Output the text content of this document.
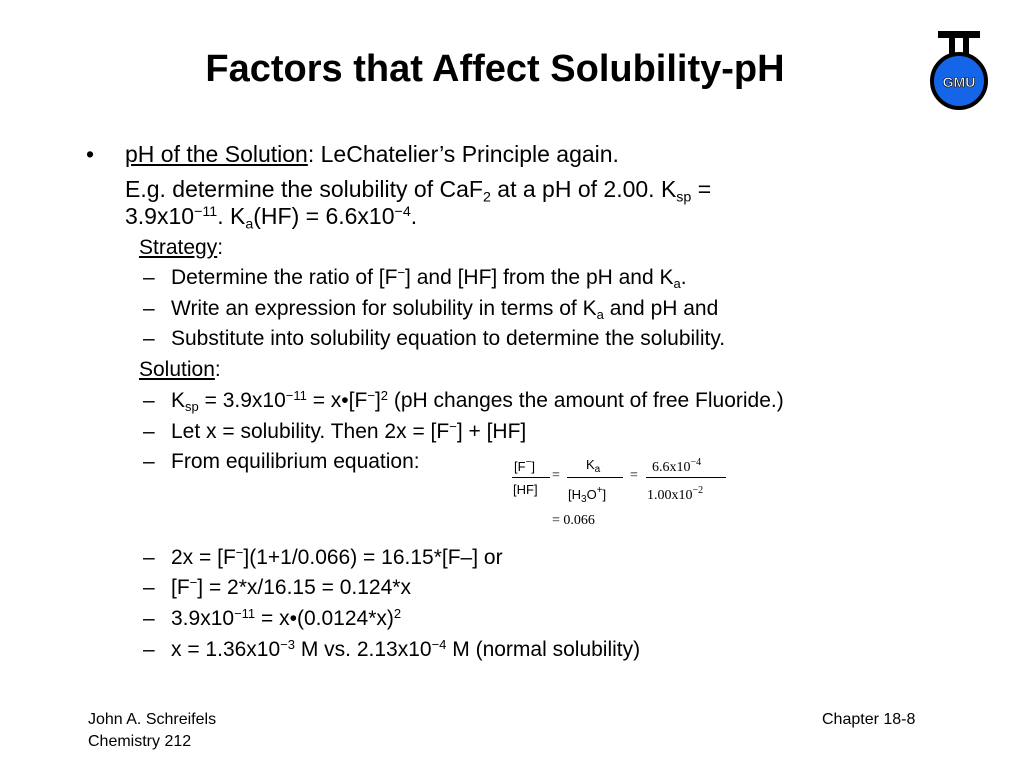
Factors that Affect Solubility-pH	GMU
• pH of the Solution: LeChatelier’s Principle again.
E.g. determine the solubility of CaF$_2$ at a pH of 2.00. $K_{sp}$ =
$3.9x10^{-11}$. $K_a(HF) = 6.6x10^{-4}$.
Strategy:
– Determine the ratio of [F−] and [HF] from the pH and $K_a$.
– Write an expression for solubility in terms of $K_a$ and pH and
– Substitute into solubility equation to determine the solubility.
Solution:
– $K_{sp} = 3.9x10^{-11}$ = $x•[F^-]^2$ (pH changes the amount of free Fluoride.)
– Let x = solubility. Then 2x = [F−] + [HF]
– From equilibrium equation:	[F−]
[HF]
=
$K_a$
$[H_3O^+]$
=
$6.6x10^{-4}$
$1.00x10^{-2}$
= 0.066
– 2x = [F−](1+1/0.066) = 16.15*[F–] or
– [F−] = 2*x/16.15 = 0.124*x
– $3.9x10^{-11}$ = $x•(0.0124*x)^2$
– $x = 1.36x10^{-3}$ M vs. $2.13x10^{-4}$ M (normal solubility)
John A. Schreifels
Chemistry 212
Chapter 18-8
